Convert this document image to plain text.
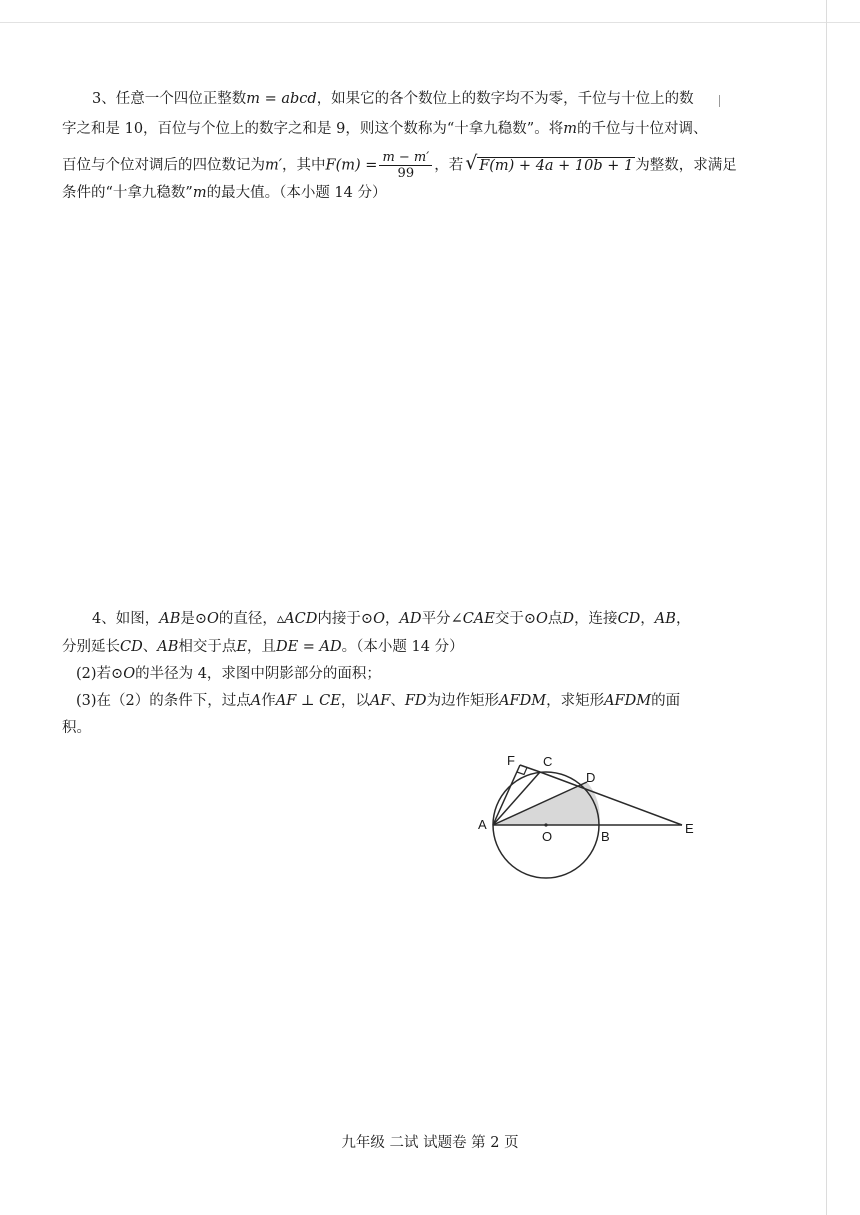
3、任意一个四位正整数m = abcd，如果它的各个数位上的数字均不为零，千位与十位上的数
字之和是 10，百位与个位上的数字之和是 9，则这个数称为“十拿九稳数”。将m的千位与十位对调、
百位与个位对调后的四位数记为m′，其中$F(m) = \frac{m - m'}{99}$ ，若 √ F(m) + 4a + 10b + 1 为整数，求满足
条件的“十拿九稳数”m的最大值。（本小题 14 分）
4、如图，AB是⊙O的直径，▵ACD内接于⊙O，AD平分∠CAE交于⊙O点D，连接CD，AB，
分别延长CD、AB相交于点E，且DE = AD。（本小题 14 分）
(2)若⊙O的半径为 4，求图中阴影部分的面积；
(3)在（2）的条件下，过点A作AF ⊥ CE，以AF、FD为边作矩形AFDM，求矩形AFDM的面
积。
F C
D
A
O	B
E
九年级 二试 试题卷 第 2 页
